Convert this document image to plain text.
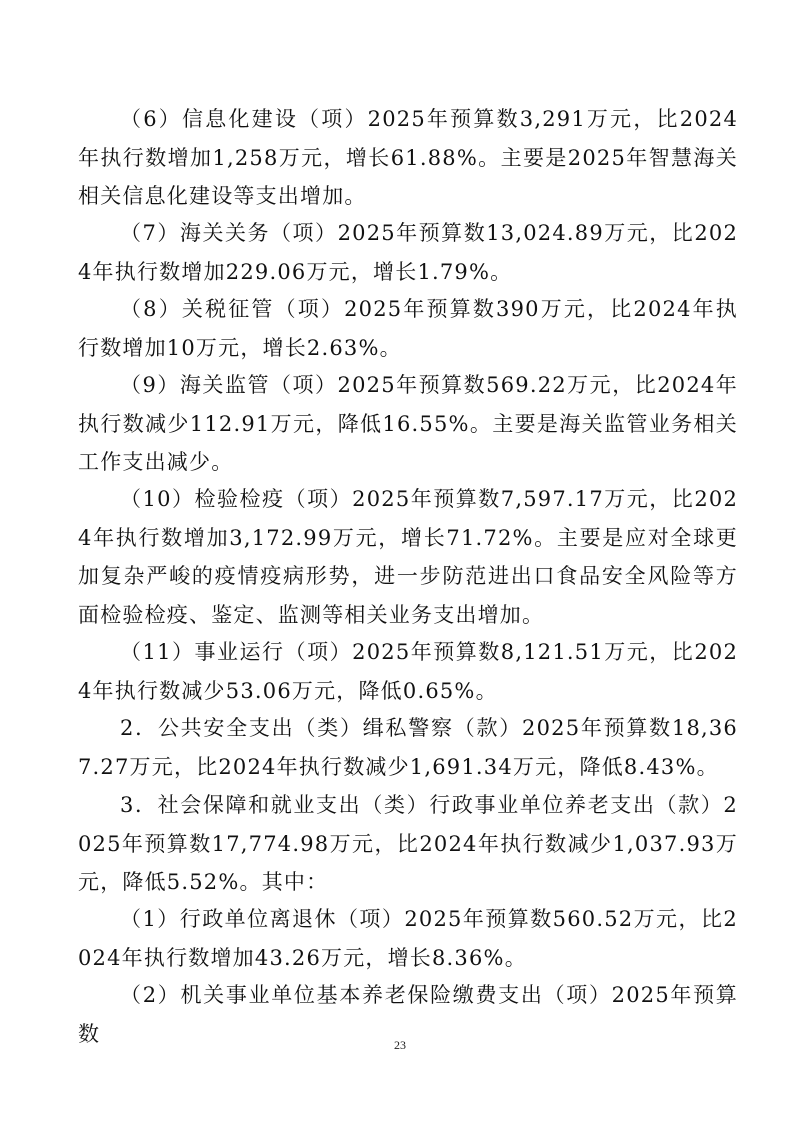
（6）信息化建设（项）2025年预算数3,291万元，比2024年执行数增加1,258万元，增长61.88%。主要是2025年智慧海关相关信息化建设等支出增加。

（7）海关关务（项）2025年预算数13,024.89万元，比2024年执行数增加229.06万元，增长1.79%。

（8）关税征管（项）2025年预算数390万元，比2024年执行数增加10万元，增长2.63%。

（9）海关监管（项）2025年预算数569.22万元，比2024年执行数减少112.91万元，降低16.55%。主要是海关监管业务相关工作支出减少。

（10）检验检疫（项）2025年预算数7,597.17万元，比2024年执行数增加3,172.99万元，增长71.72%。主要是应对全球更加复杂严峻的疫情疫病形势，进一步防范进出口食品安全风险等方面检验检疫、鉴定、监测等相关业务支出增加。

（11）事业运行（项）2025年预算数8,121.51万元，比2024年执行数减少53.06万元，降低0.65%。

2．公共安全支出（类）缉私警察（款）2025年预算数18,367.27万元，比2024年执行数减少1,691.34万元，降低8.43%。

3．社会保障和就业支出（类）行政事业单位养老支出（款）2025年预算数17,774.98万元，比2024年执行数减少1,037.93万元，降低5.52%。其中：

（1）行政单位离退休（项）2025年预算数560.52万元，比2024年执行数增加43.26万元，增长8.36%。

（2）机关事业单位基本养老保险缴费支出（项）2025年预算数	23
